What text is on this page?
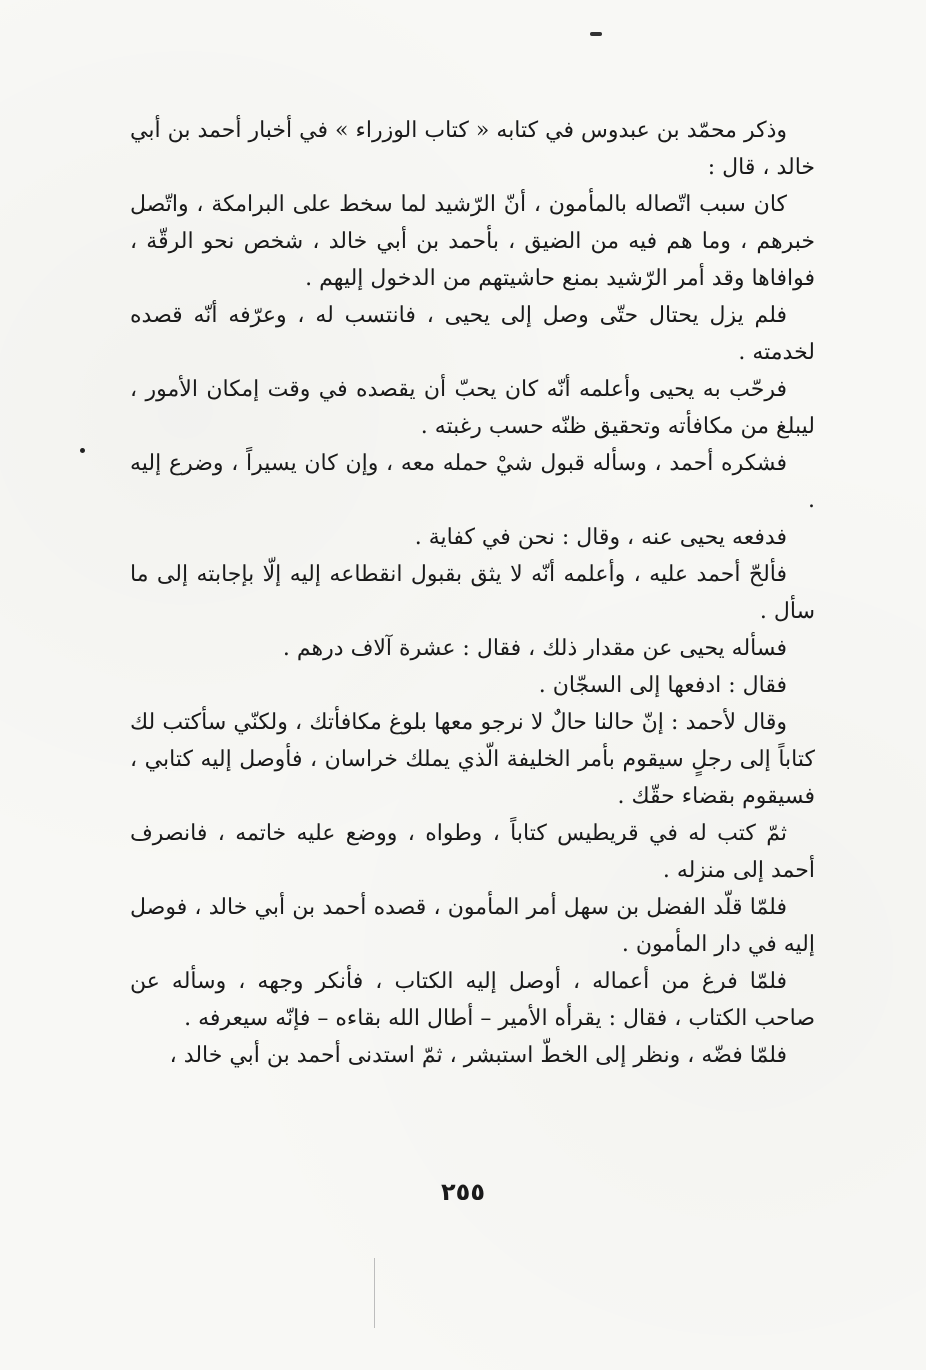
وذكر محمّد بن عبدوس في كتابه « كتاب الوزراء » في أخبار أحمد بن أبي خالد ، قال :

كان سبب اتّصاله بالمأمون ، أنّ الرّشيد لما سخط على البرامكة ، واتّصل خبرهم ، وما هم فيه من الضيق ، بأحمد بن أبي خالد ، شخص نحو الرقّة ، فوافاها وقد أمر الرّشيد بمنع حاشيتهم من الدخول إليهم .

فلم يزل يحتال حتّى وصل إلى يحيى ، فانتسب له ، وعرّفه أنّه قصده لخدمته .

فرحّب به يحيى وأعلمه أنّه كان يحبّ أن يقصده في وقت إمكان الأمور ، ليبلغ من مكافأته وتحقيق ظنّه حسب رغبته .

فشكره أحمد ، وسأله قبول شيْ حمله معه ، وإن كان يسيراً ، وضرع إليه .

فدفعه يحيى عنه ، وقال : نحن في كفاية .

فألحّ أحمد عليه ، وأعلمه أنّه لا يثق بقبول انقطاعه إليه إلّا بإجابته إلى ما سأل .

فسأله يحيى عن مقدار ذلك ، فقال : عشرة آلاف درهم .

فقال : ادفعها إلى السجّان .

وقال لأحمد : إنّ حالنا حالٌ لا نرجو معها بلوغ مكافأتك ، ولكنّي سأكتب لك كتاباً إلى رجلٍ سيقوم بأمر الخليفة الّذي يملك خراسان ، فأوصل إليه كتابي ، فسيقوم بقضاء حقّك .

ثمّ كتب له في قريطيس كتاباً ، وطواه ، ووضع عليه خاتمه ، فانصرف أحمد إلى منزله .

فلمّا قلّد الفضل بن سهل أمر المأمون ، قصده أحمد بن أبي خالد ، فوصل إليه في دار المأمون .

فلمّا فرغ من أعماله ، أوصل إليه الكتاب ، فأنكر وجهه ، وسأله عن صاحب الكتاب ، فقال : يقرأه الأمير – أطال الله بقاءه – فإنّه سيعرفه .

فلمّا فضّه ، ونظر إلى الخطّ استبشر ، ثمّ استدنى أحمد بن أبي خالد ،

٢٥٥
